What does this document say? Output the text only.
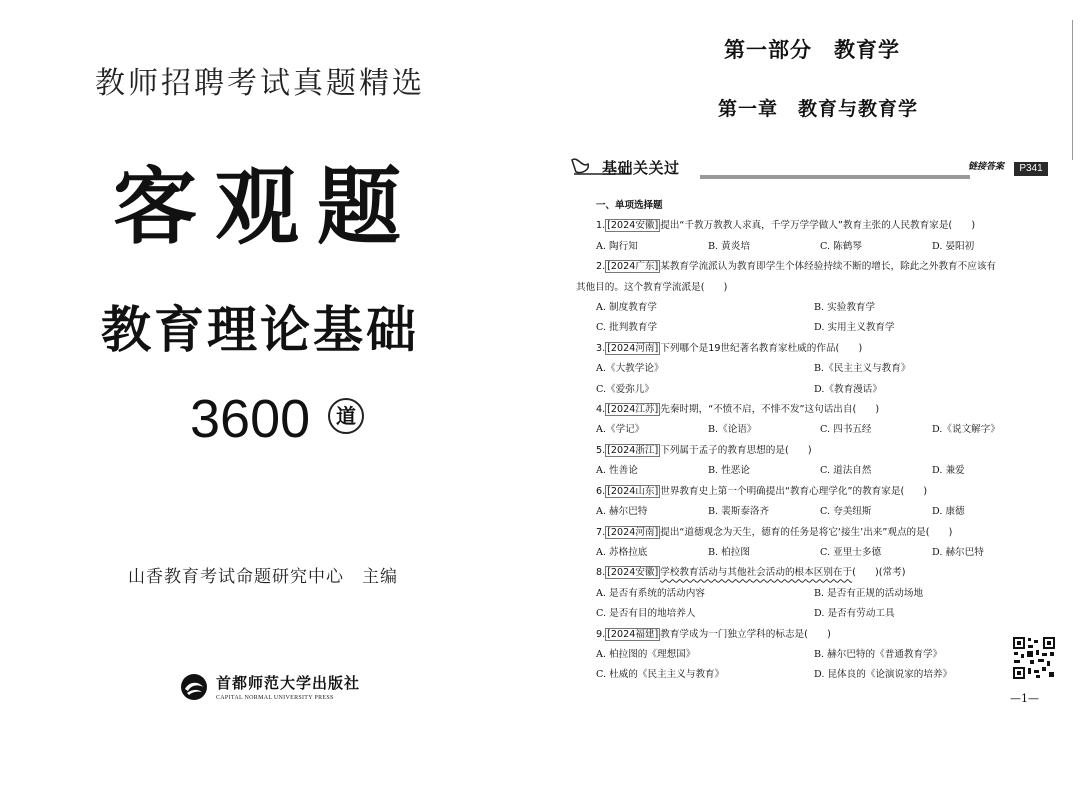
教师招聘考试真题精选
客观题
教育理论基础
3600	道
山香教育考试命题研究中心　主编
首都师范大学出版社
CAPITAL NORMAL UNIVERSITY PRESS
第一部分　教育学
第一章　教育与教育学
基础关关过	链接答案	P341
一、单项选择题
1. [2024安徽] 提出“千教万教教人求真，千学万学学做人”教育主张的人民教育家是(　　)
A. 陶行知	B. 黄炎培	C. 陈鹤琴	D. 晏阳初
2. [2024广东] 某教育学流派认为教育即学生个体经验持续不断的增长，除此之外教育不应该有
其他目的。这个教育学流派是(　　)
A. 制度教育学	B. 实验教育学
C. 批判教育学	D. 实用主义教育学
3. [2024河南] 下列哪个是19世纪著名教育家杜威的作品(　　)
A.《大教学论》	B.《民主主义与教育》
C.《爱弥儿》	D.《教育漫话》
4. [2024江苏] 先秦时期，“不愤不启，不悱不发”这句话出自(　　)
A.《学记》	B.《论语》	C. 四书五经	D.《说文解字》
5. [2024浙江] 下列属于孟子的教育思想的是(　　)
A. 性善论	B. 性恶论	C. 道法自然	D. 兼爱
6. [2024山东] 世界教育史上第一个明确提出“教育心理学化”的教育家是(　　)
A. 赫尔巴特	B. 裴斯泰洛齐	C. 夸美纽斯	D. 康德
7. [2024河南] 提出“道德观念为天生，德育的任务是将它‘接生’出来”观点的是(　　)
A. 苏格拉底	B. 柏拉图	C. 亚里士多德	D. 赫尔巴特
8. [2024安徽] 学校教育活动与其他社会活动的根本区别在于(　　)(常考)
A. 是否有系统的活动内容	B. 是否有正规的活动场地
C. 是否有目的地培养人	D. 是否有劳动工具
9. [2024福建] 教育学成为一门独立学科的标志是(　　)
A. 柏拉图的《理想国》	B. 赫尔巴特的《普通教育学》
C. 杜威的《民主主义与教育》	D. 昆体良的《论演说家的培养》
—1—
